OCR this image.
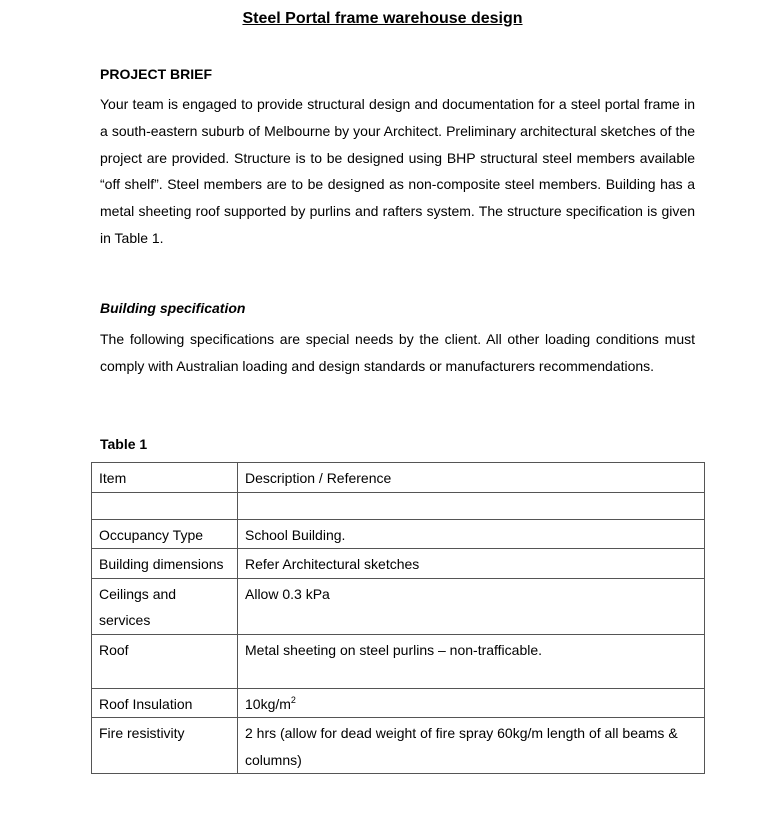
Steel Portal frame warehouse design
PROJECT BRIEF

Your team is engaged to provide structural design and documentation for a steel portal frame in a south-eastern suburb of Melbourne by your Architect. Preliminary architectural sketches of the project are provided. Structure is to be designed using BHP structural steel members available “off shelf”. Steel members are to be designed as non-composite steel members. Building has a metal sheeting roof supported by purlins and rafters system. The structure specification is given in Table 1.

Building specification

The following specifications are special needs by the client. All other loading conditions must comply with Australian loading and design standards or manufacturers recommendations.

Table 1
Item	Description / Reference

Occupancy Type	School Building.
Building dimensions	Refer Architectural sketches
Ceilings and services	Allow 0.3 kPa
Roof	Metal sheeting on steel purlins – non-trafficable.
Roof Insulation	$10kg/m^2$
Fire resistivity	2 hrs (allow for dead weight of fire spray 60kg/m length of all beams & columns)
